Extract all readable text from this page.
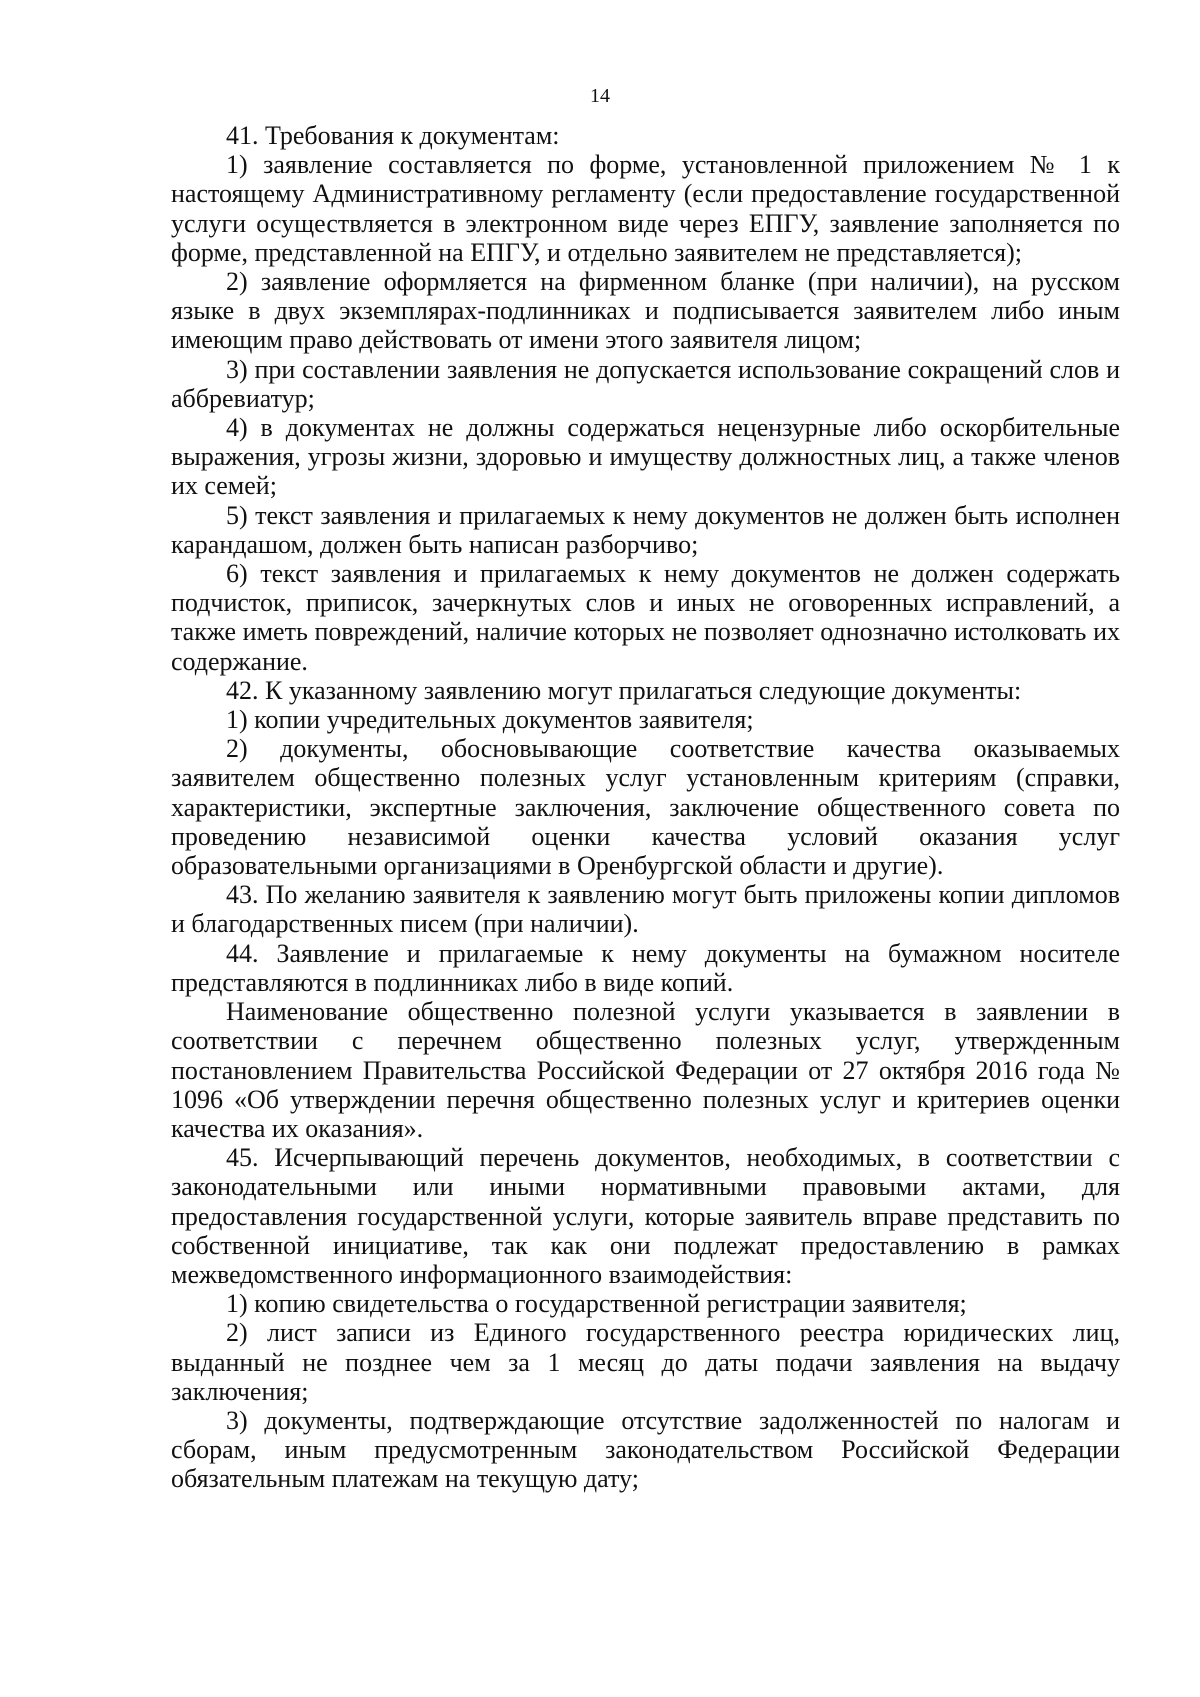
14

41. Требования к документам:

1) заявление составляется по форме, установленной приложением № 1 к настоящему Административному регламенту (если предоставление государственной услуги осуществляется в электронном виде через ЕПГУ, заявление заполняется по форме, представленной на ЕПГУ, и отдельно заявителем не представляется);

2) заявление оформляется на фирменном бланке (при наличии), на русском языке в двух экземплярах-подлинниках и подписывается заявителем либо иным имеющим право действовать от имени этого заявителя лицом;

3) при составлении заявления не допускается использование сокращений слов и аббревиатур;

4) в документах не должны содержаться нецензурные либо оскорбительные выражения, угрозы жизни, здоровью и имуществу должностных лиц, а также членов их семей;

5) текст заявления и прилагаемых к нему документов не должен быть исполнен карандашом, должен быть написан разборчиво;

6) текст заявления и прилагаемых к нему документов не должен содержать подчисток, приписок, зачеркнутых слов и иных не оговоренных исправлений, а также иметь повреждений, наличие которых не позволяет однозначно истолковать их содержание.

42. К указанному заявлению могут прилагаться следующие документы:

1) копии учредительных документов заявителя;

2) документы, обосновывающие соответствие качества оказываемых заявителем общественно полезных услуг установленным критериям (справки, характеристики, экспертные заключения, заключение общественного совета по проведению независимой оценки качества условий оказания услуг образовательными организациями в Оренбургской области и другие).

43. По желанию заявителя к заявлению могут быть приложены копии дипломов и благодарственных писем (при наличии).

44. Заявление и прилагаемые к нему документы на бумажном носителе представляются в подлинниках либо в виде копий.

Наименование общественно полезной услуги указывается в заявлении в соответствии с перечнем общественно полезных услуг, утвержденным постановлением Правительства Российской Федерации от 27 октября 2016 года № 1096 «Об утверждении перечня общественно полезных услуг и критериев оценки качества их оказания».

45. Исчерпывающий перечень документов, необходимых, в соответствии с законодательными или иными нормативными правовыми актами, для предоставления государственной услуги, которые заявитель вправе представить по собственной инициативе, так как они подлежат предоставлению в рамках межведомственного информационного взаимодействия:

1) копию свидетельства о государственной регистрации заявителя;

2) лист записи из Единого государственного реестра юридических лиц, выданный не позднее чем за 1 месяц до даты подачи заявления на выдачу заключения;

3) документы, подтверждающие отсутствие задолженностей по налогам и сборам, иным предусмотренным законодательством Российской Федерации обязательным платежам на текущую дату;
